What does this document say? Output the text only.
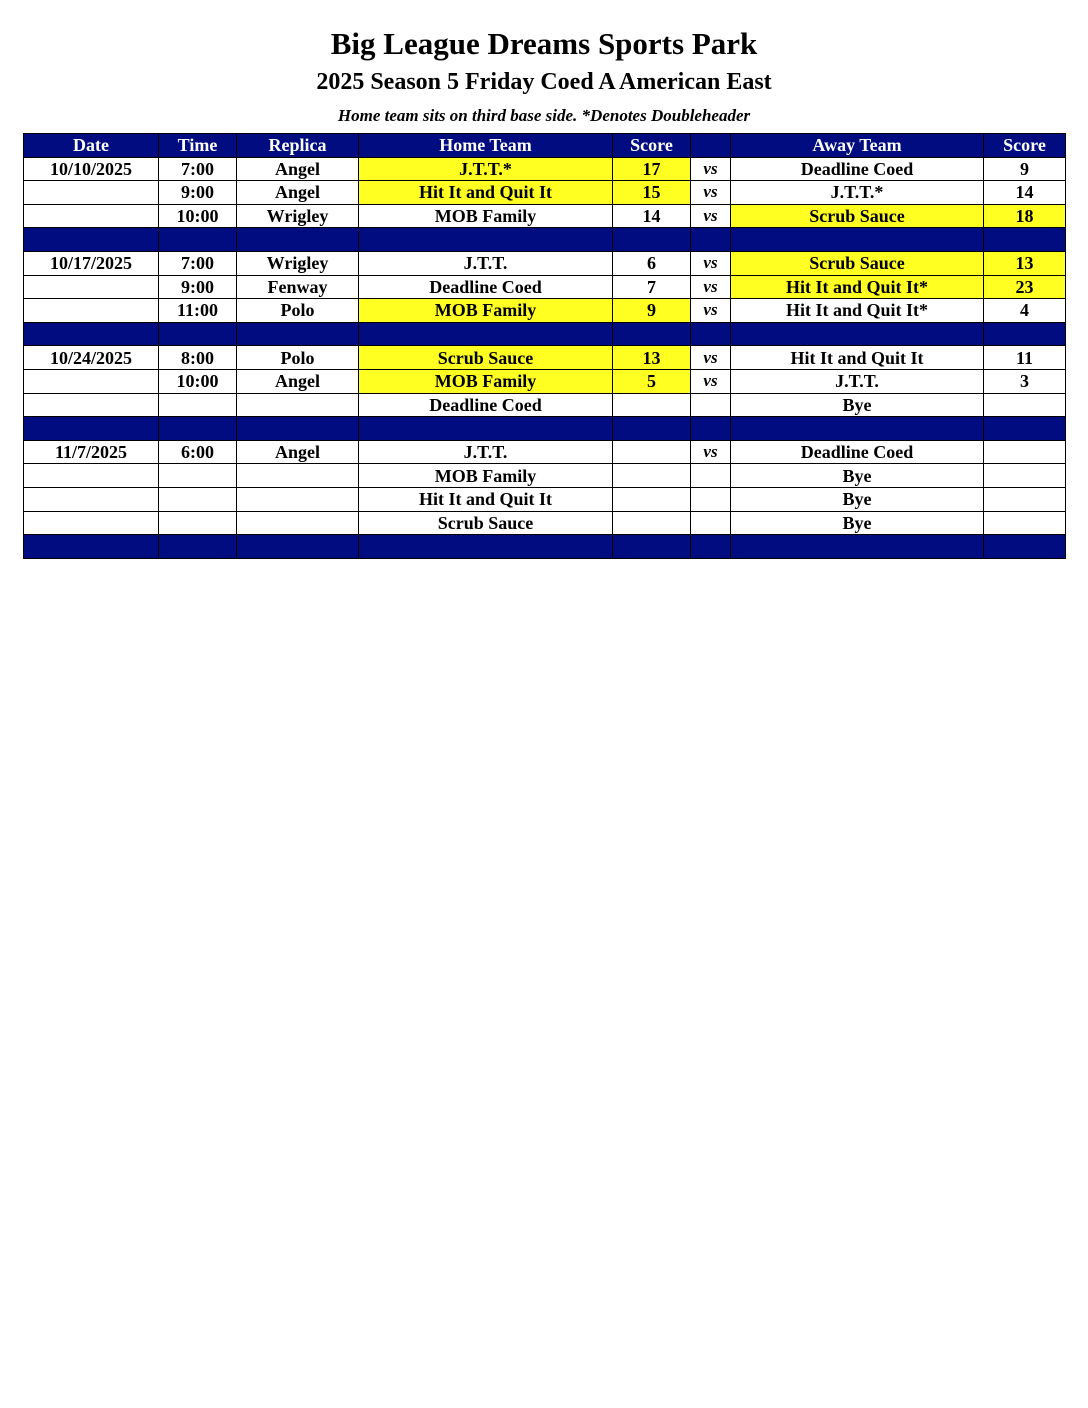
Big League Dreams Sports Park
2025 Season 5 Friday Coed A American East
Home team sits on third base side. *Denotes Doubleheader
Date	Time	Replica	Home Team	Score		Away Team	Score
10/10/2025	7:00	Angel	J.T.T.*	17	vs	Deadline Coed	9
	9:00	Angel	Hit It and Quit It	15	vs	J.T.T.*	14
	10:00	Wrigley	MOB Family	14	vs	Scrub Sauce	18

10/17/2025	7:00	Wrigley	J.T.T.	6	vs	Scrub Sauce	13
	9:00	Fenway	Deadline Coed	7	vs	Hit It and Quit It*	23
	11:00	Polo	MOB Family	9	vs	Hit It and Quit It*	4

10/24/2025	8:00	Polo	Scrub Sauce	13	vs	Hit It and Quit It	11
	10:00	Angel	MOB Family	5	vs	J.T.T.	3
			Deadline Coed			Bye	

11/7/2025	6:00	Angel	J.T.T.		vs	Deadline Coed	
			MOB Family			Bye	
			Hit It and Quit It			Bye	
			Scrub Sauce			Bye	
